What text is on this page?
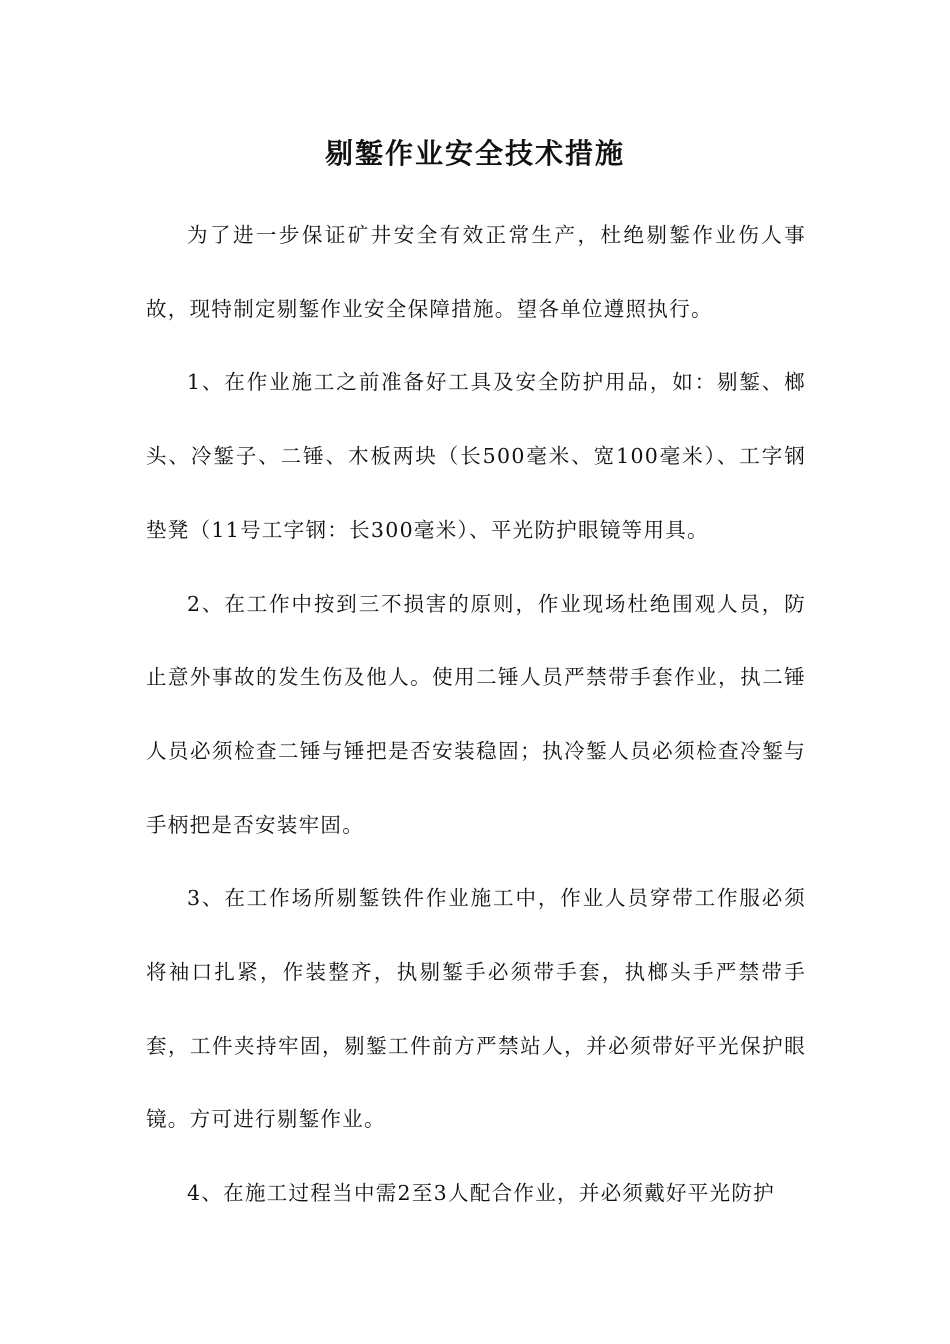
剔錾作业安全技术措施

为了进一步保证矿井安全有效正常生产，杜绝剔錾作业伤人事故，现特制定剔錾作业安全保障措施。望各单位遵照执行。

1、在作业施工之前准备好工具及安全防护用品，如：剔錾、榔头、冷錾子、二锤、木板两块（长500毫米、宽100毫米）、工字钢垫凳（11号工字钢：长300毫米）、平光防护眼镜等用具。

2、在工作中按到三不损害的原则，作业现场杜绝围观人员，防止意外事故的发生伤及他人。使用二锤人员严禁带手套作业，执二锤人员必须检查二锤与锤把是否安装稳固；执冷錾人员必须检查冷錾与手柄把是否安装牢固。

3、在工作场所剔錾铁件作业施工中，作业人员穿带工作服必须将袖口扎紧，作装整齐，执剔錾手必须带手套，执榔头手严禁带手套，工件夹持牢固，剔錾工件前方严禁站人，并必须带好平光保护眼镜。方可进行剔錾作业。

4、在施工过程当中需2至3人配合作业，并必须戴好平光防护
